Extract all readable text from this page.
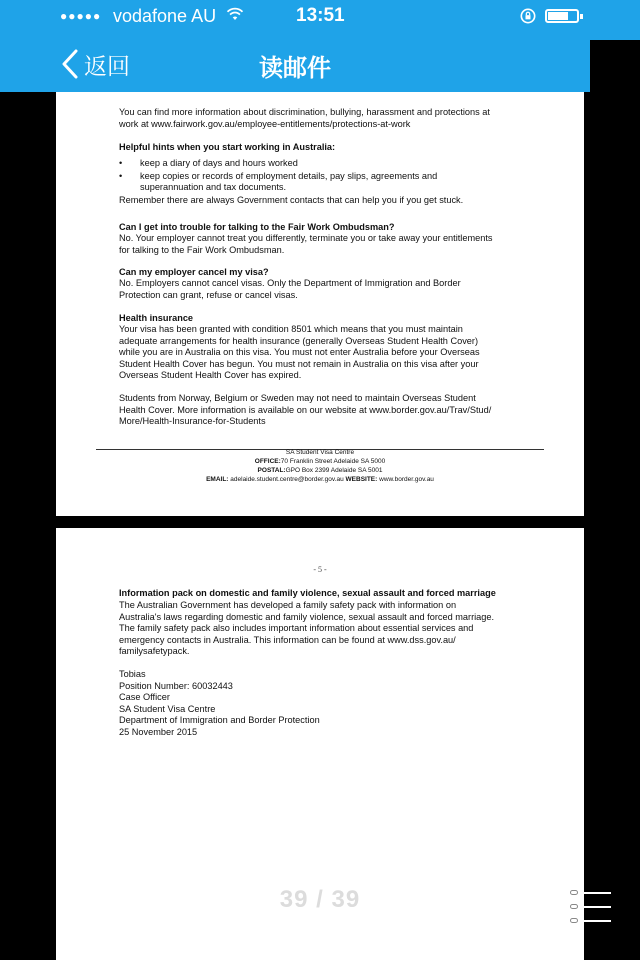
●●●●● vodafone AU	13:51
返回	读邮件
You can find more information about discrimination, bullying, harassment and protections at
work at www.fairwork.gov.au/employee-entitlements/protections-at-work
Helpful hints when you start working in Australia:
•	keep a diary of days and hours worked
•	keep copies or records of employment details, pay slips, agreements and
superannuation and tax documents.
Remember there are always Government contacts that can help you if you get stuck.
Can I get into trouble for talking to the Fair Work Ombudsman?
No. Your employer cannot treat you differently, terminate you or take away your entitlements
for talking to the Fair Work Ombudsman.
Can my employer cancel my visa?
No. Employers cannot cancel visas. Only the Department of Immigration and Border
Protection can grant, refuse or cancel visas.
Health insurance
Your visa has been granted with condition 8501 which means that you must maintain
adequate arrangements for health insurance (generally Overseas Student Health Cover)
while you are in Australia on this visa. You must not enter Australia before your Overseas
Student Health Cover has begun. You must not remain in Australia on this visa after your
Overseas Student Health Cover has expired.
Students from Norway, Belgium or Sweden may not need to maintain Overseas Student
Health Cover. More information is available on our website at www.border.gov.au/Trav/Stud/
More/Health-Insurance-for-Students
SA Student Visa Centre
OFFICE:70 Franklin Street Adelaide SA 5000
POSTAL:GPO Box 2399 Adelaide SA 5001
EMAIL: adelaide.student.centre@border.gov.au WEBSITE: www.border.gov.au
- 5 -
Information pack on domestic and family violence, sexual assault and forced marriage
The Australian Government has developed a family safety pack with information on
Australia's laws regarding domestic and family violence, sexual assault and forced marriage.
The family safety pack also includes important information about essential services and
emergency contacts in Australia. This information can be found at www.dss.gov.au/
familysafetypack.
Tobias
Position Number: 60032443
Case Officer
SA Student Visa Centre
Department of Immigration and Border Protection
25 November 2015
39 / 39
